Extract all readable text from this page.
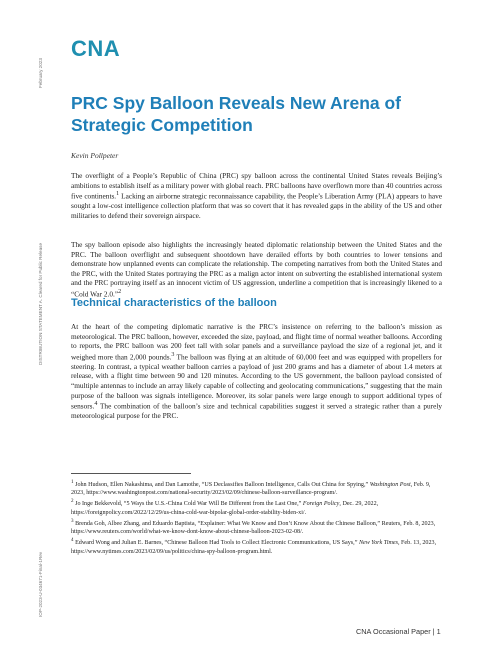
CNA
February 2023
DISTRIBUTION STATEMENT A. Cleared for Public Release
IOP-2023-U-034671-Final-1Rev
PRC Spy Balloon Reveals New Arena of Strategic Competition
Kevin Pollpeter

The overflight of a People’s Republic of China (PRC) spy balloon across the continental United States reveals Beijing’s ambitions to establish itself as a military power with global reach. PRC balloons have overflown more than 40 countries across five continents.$^1$ Lacking an airborne strategic reconnaissance capability, the People’s Liberation Army (PLA) appears to have sought a low-cost intelligence collection platform that was so covert that it has revealed gaps in the ability of the US and other militaries to defend their sovereign airspace.

The spy balloon episode also highlights the increasingly heated diplomatic relationship between the United States and the PRC. The balloon overflight and subsequent shootdown have derailed efforts by both countries to lower tensions and demonstrate how unplanned events can complicate the relationship. The competing narratives from both the United States and the PRC, with the United States portraying the PRC as a malign actor intent on subverting the established international system and the PRC portraying itself as an innocent victim of US aggression, underline a competition that is increasingly likened to a “Cold War 2.0.”$^2$

Technical characteristics of the balloon

At the heart of the competing diplomatic narrative is the PRC’s insistence on referring to the balloon’s mission as meteorological. The PRC balloon, however, exceeded the size, payload, and flight time of normal weather balloons. According to reports, the PRC balloon was 200 feet tall with solar panels and a surveillance payload the size of a regional jet, and it weighed more than 2,000 pounds.$^3$ The balloon was flying at an altitude of 60,000 feet and was equipped with propellers for steering. In contrast, a typical weather balloon carries a payload of just 200 grams and has a diameter of about 1.4 meters at release, with a flight time between 90 and 120 minutes. According to the US government, the balloon payload consisted of “multiple antennas to include an array likely capable of collecting and geolocating communications,” suggesting that the main purpose of the balloon was signals intelligence. Moreover, its solar panels were large enough to support additional types of sensors.$^4$ The combination of the balloon’s size and technical capabilities suggest it served a strategic rather than a purely meteorological purpose for the PRC.

$^1$ John Hudson, Ellen Nakashima, and Dan Lamothe, “US Declassifies Balloon Intelligence, Calls Out China for Spying,” Washington Post, Feb. 9, 2023, https://www.washingtonpost.com/national-security/2023/02/09/chinese-balloon-surveillance-program/.

$^2$ Jo Inge Bekkevold, “5 Ways the U.S.-China Cold War Will Be Different from the Last One,” Foreign Policy, Dec. 29, 2022, https://foreignpolicy.com/2022/12/29/us-china-cold-war-bipolar-global-order-stability-biden-xi/.

$^3$ Brenda Goh, Albee Zhang, and Eduardo Baptista, “Explainer: What We Know and Don’t Know About the Chinese Balloon,” Reuters, Feb. 8, 2023, https://www.reuters.com/world/what-we-know-dont-know-about-chinese-balloon-2023-02-08/.

$^4$ Edward Wong and Julian E. Barnes, “Chinese Balloon Had Tools to Collect Electronic Communications, US Says,” New York Times, Feb. 13, 2023, https://www.nytimes.com/2023/02/09/us/politics/china-spy-balloon-program.html.

CNA Occasional Paper | 1
